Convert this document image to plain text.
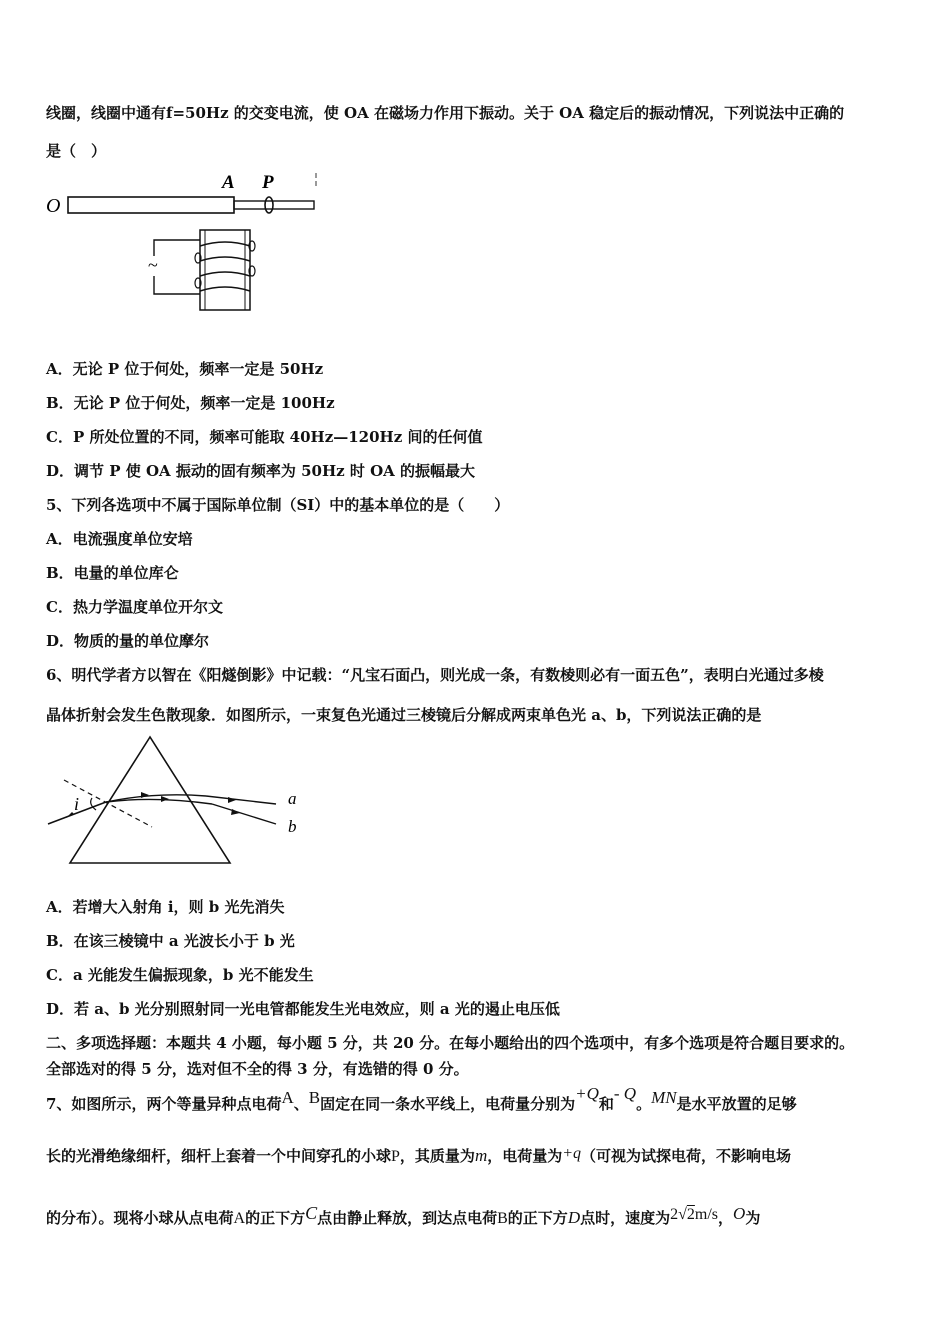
线圈，线圈中通有f=50Hz 的交变电流，使 OA 在磁场力作用下振动。关于 OA 稳定后的振动情况，下列说法中正确的
是（　）
O
A P
~
A．无论 P 位于何处，频率一定是 50Hz
B．无论 P 位于何处，频率一定是 100Hz
C．P 所处位置的不同，频率可能取 40Hz—120Hz 间的任何值
D．调节 P 使 OA 振动的固有频率为 50Hz 时 OA 的振幅最大
5、下列各选项中不属于国际单位制（SI）中的基本单位的是（　　）
A．电流强度单位安培
B．电量的单位库仑
C．热力学温度单位开尔文
D．物质的量的单位摩尔
6、明代学者方以智在《阳燧倒影》中记载：“凡宝石面凸，则光成一条，有数棱则必有一面五色”，表明白光通过多棱
晶体折射会发生色散现象．如图所示，一束复色光通过三棱镜后分解成两束单色光 a、b，下列说法正确的是
i	a
b
A．若增大入射角 i，则 b 光先消失
B．在该三棱镜中 a 光波长小于 b 光
C．a 光能发生偏振现象，b 光不能发生
D．若 a、b 光分别照射同一光电管都能发生光电效应，则 a 光的遏止电压低
二、多项选择题：本题共 4 小题，每小题 5 分，共 20 分。在每小题给出的四个选项中，有多个选项是符合题目要求的。
全部选对的得 5 分，选对但不全的得 3 分，有选错的得 0 分。
7、如图所示，两个等量异种点电荷A、B固定在同一条水平线上，电荷量分别为+Q和- Q。MN是水平放置的足够
长的光滑绝缘细杆，细杆上套着一个中间穿孔的小球P，其质量为m，电荷量为+q（可视为试探电荷，不影响电场
的分布）。现将小球从点电荷A的正下方C点由静止释放，到达点电荷B的正下方D点时，速度为2√2m/s，O为
